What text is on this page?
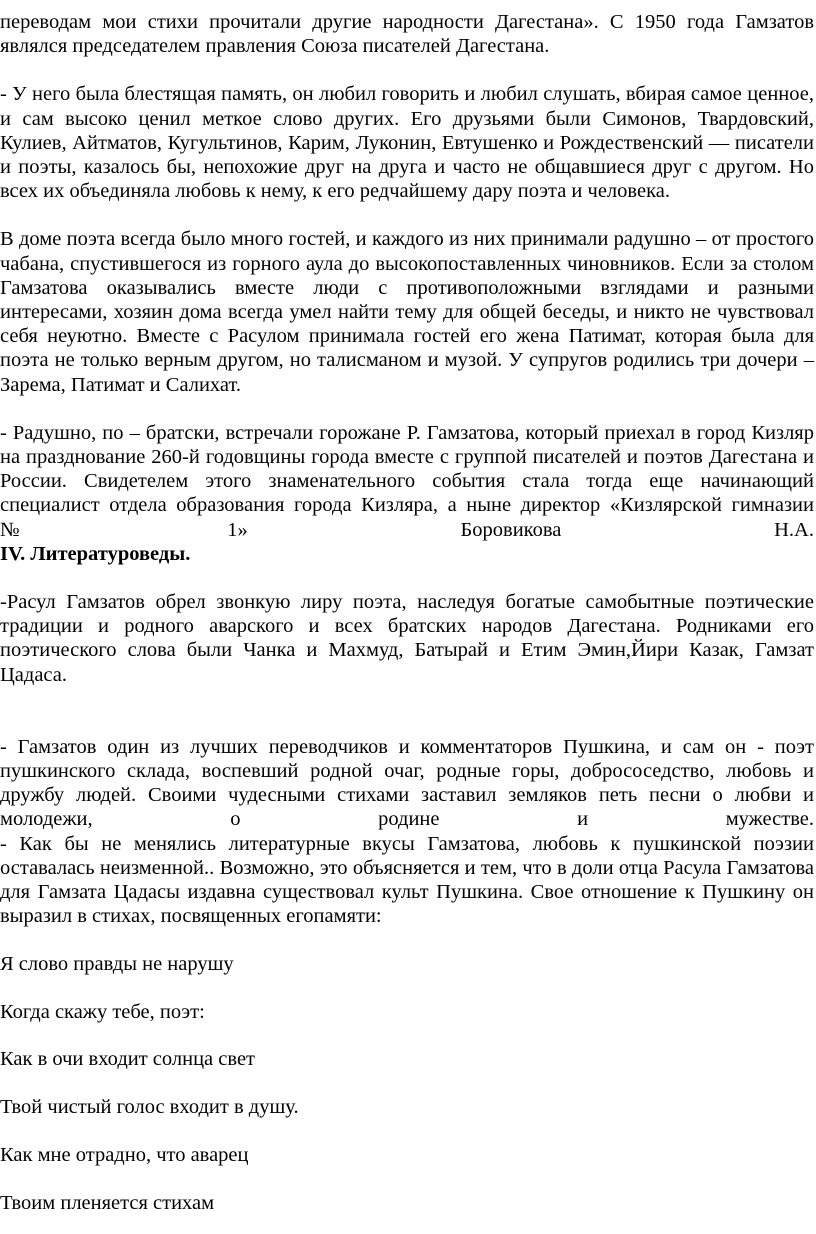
переводам мои стихи прочитали другие народности Дагестана». С 1950 года Гамзатов

являлся председателем правления Союза писателей Дагестана.

- У него была блестящая память, он любил говорить и любил слушать, вбирая самое ценное, и сам высоко ценил меткое слово других. Его друзьями были Симонов, Твардовский, Кулиев, Айтматов, Кугультинов, Карим, Луконин, Евтушенко и Рождественский — писатели и поэты, казалось бы, непохожие друг на друга и часто не общавшиеся друг с другом. Но всех их объединяла любовь к нему, к его редчайшему дару поэта и человека.

В доме поэта всегда было много гостей, и каждого из них принимали радушно – от простого чабана, спустившегося из горного аула до высокопоставленных чиновников. Если за столом Гамзатова оказывались вместе люди с противоположными взглядами и разными интересами, хозяин дома всегда умел найти тему для общей беседы, и никто не чувствовал себя неуютно. Вместе с Расулом принимала гостей его жена Патимат, которая была для поэта не только верным другом, но талисманом и музой. У супругов родились три дочери – Зарема, Патимат и Салихат.

- Радушно, по – братски, встречали горожане Р. Гамзатова, который приехал в город Кизляр на празднование 260-й годовщины города вместе с группой писателей и поэтов Дагестана и России. Свидетелем этого знаменательного события стала тогда еще начинающий специалист отдела образования города Кизляра, а ныне директор «Кизлярской гимназии №1» Боровикова Н.А.

IV. Литературоведы.

-Расул Гамзатов обрел звонкую лиру поэта, наследуя богатые самобытные поэтические традиции и родного аварского и всех братских народов Дагестана. Родниками его поэтического слова были Чанка и Махмуд, Батырай и Етим Эмин,Йири Казак, Гамзат Цадаса.

- Гамзатов один из лучших переводчиков и комментаторов Пушкина, и сам он - поэт пушкинского склада, воспевший родной очаг, родные горы, добрососедство, любовь и дружбу людей. Своими чудесными стихами заставил земляков петь песни о любви и молодежи, о родине и мужестве.

- Как бы не менялись литературные вкусы Гамзатова, любовь к пушкинской поэзии оставалась неизменной.. Возможно, это объясняется и тем, что в доли отца Расула Гамзатова для Гамзата Цадасы издавна существовал культ Пушкина. Свое отношение к Пушкину он выразил в стихах, посвященных егопамяти:

Я слово правды не нарушу

Когда скажу тебе, поэт:

Как в очи входит солнца свет

Твой чистый голос входит в душу.

Как мне отрадно, что аварец

Твоим пленяется стихам
